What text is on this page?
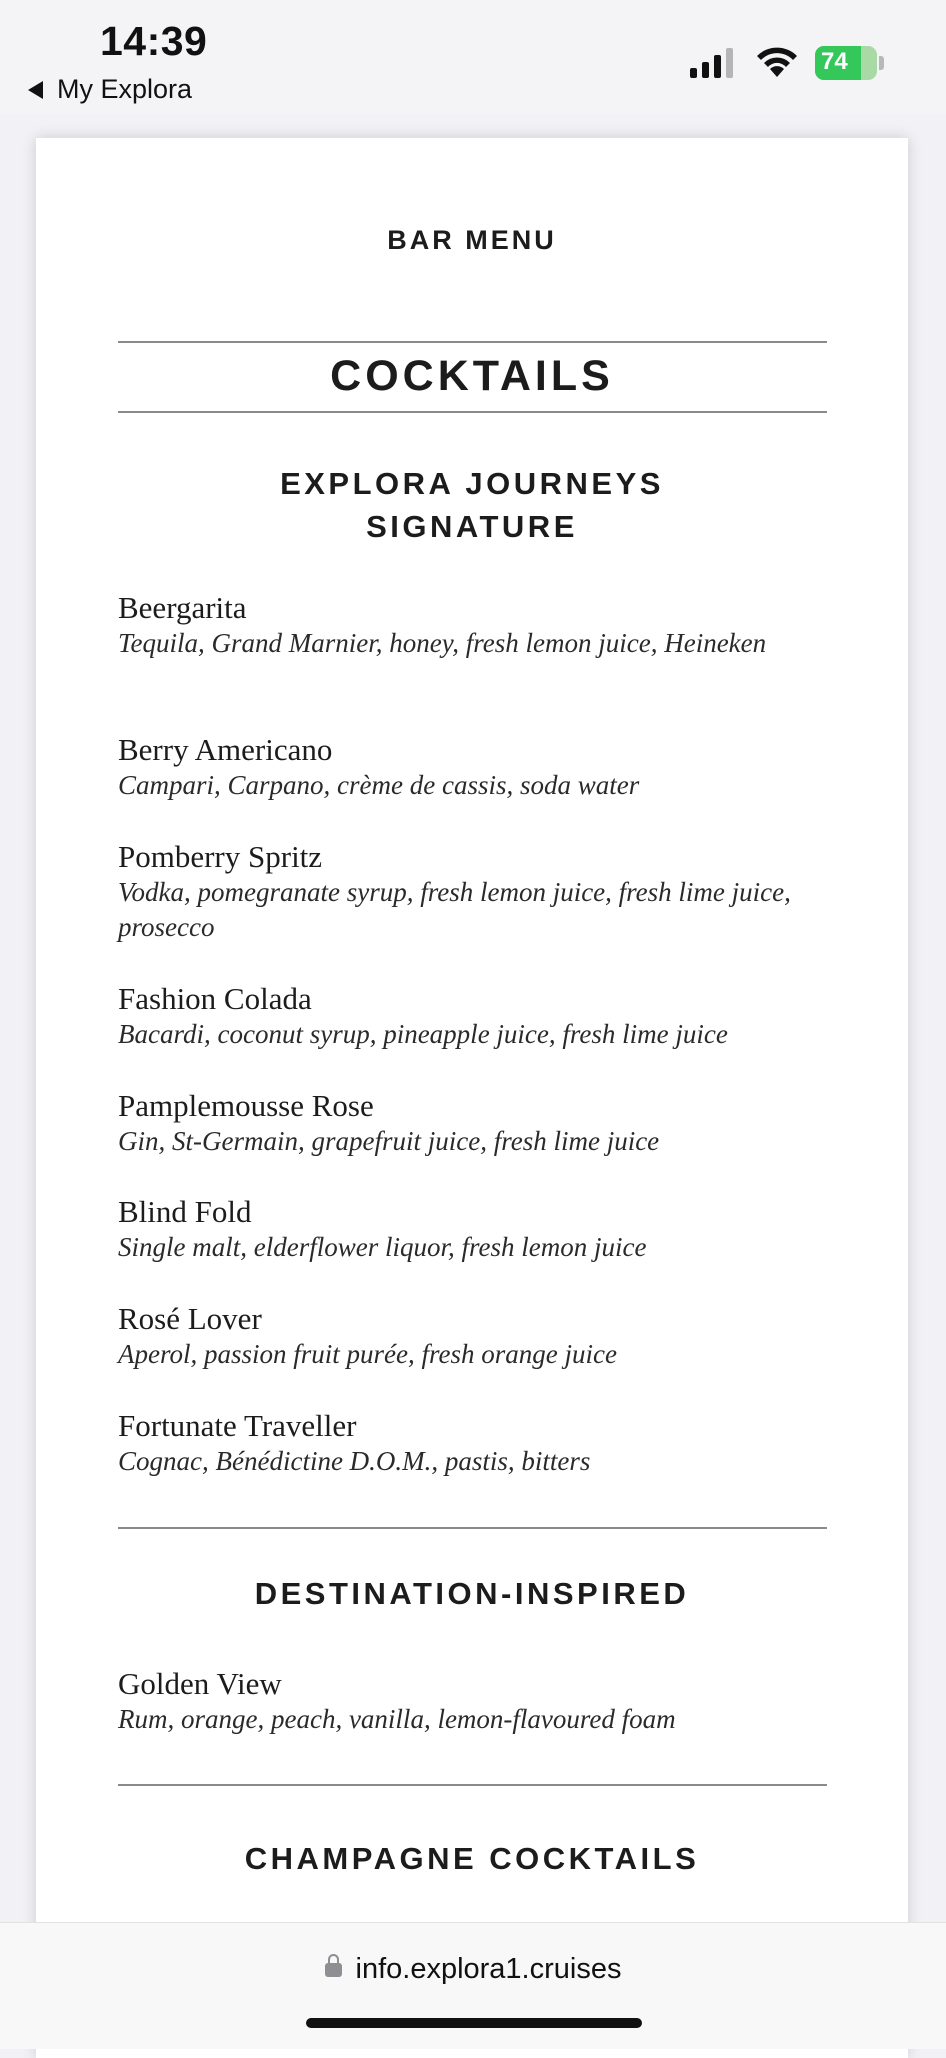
14:39
My Explora
74
BAR MENU
COCKTAILS
EXPLORA JOURNEYS SIGNATURE
Beergarita
Tequila, Grand Marnier, honey, fresh lemon juice, Heineken
Berry Americano
Campari, Carpano, crème de cassis, soda water
Pomberry Spritz
Vodka, pomegranate syrup, fresh lemon juice, fresh lime juice, prosecco
Fashion Colada
Bacardi, coconut syrup, pineapple juice, fresh lime juice
Pamplemousse Rose
Gin, St-Germain, grapefruit juice, fresh lime juice
Blind Fold
Single malt, elderflower liquor, fresh lemon juice
Rosé Lover
Aperol, passion fruit purée, fresh orange juice
Fortunate Traveller
Cognac, Bénédictine D.O.M., pastis, bitters
DESTINATION-INSPIRED
Golden View
Rum, orange, peach, vanilla, lemon-flavoured foam
CHAMPAGNE COCKTAILS
info.explora1.cruises
